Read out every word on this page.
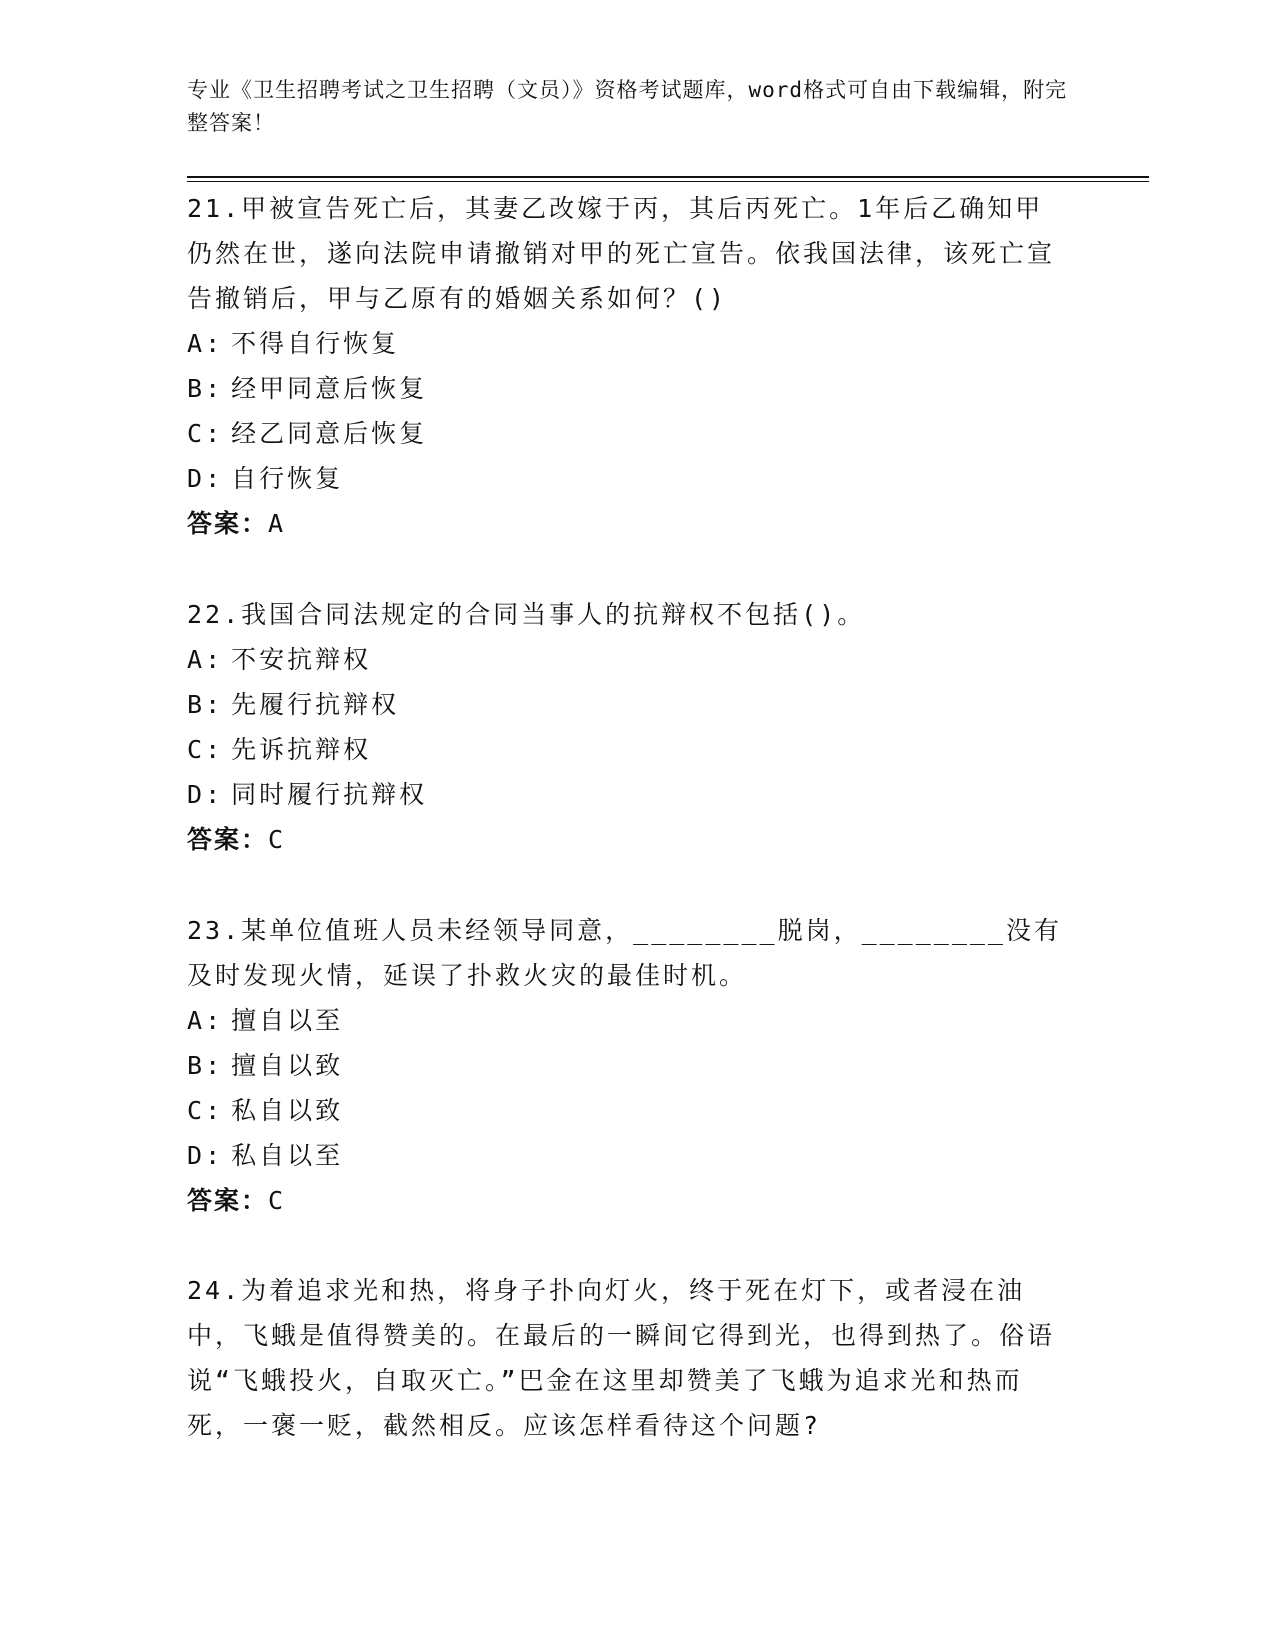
专业《卫生招聘考试之卫生招聘（文员）》资格考试题库，word格式可自由下载编辑，附完整答案！

21.甲被宣告死亡后，其妻乙改嫁于丙，其后丙死亡。1年后乙确知甲仍然在世，遂向法院申请撤销对甲的死亡宣告。依我国法律，该死亡宣告撤销后，甲与乙原有的婚姻关系如何？()

A: 不得自行恢复

B: 经甲同意后恢复

C: 经乙同意后恢复

D: 自行恢复

答案：A

22.我国合同法规定的合同当事人的抗辩权不包括()。

A: 不安抗辩权

B: 先履行抗辩权

C: 先诉抗辩权

D: 同时履行抗辩权

答案：C

23.某单位值班人员未经领导同意，________脱岗，________没有及时发现火情，延误了扑救火灾的最佳时机。

A: 擅自以至

B: 擅自以致

C: 私自以致

D: 私自以至

答案：C

24.为着追求光和热，将身子扑向灯火，终于死在灯下，或者浸在油中，飞蛾是值得赞美的。在最后的一瞬间它得到光，也得到热了。俗语说“飞蛾投火，自取灭亡。”巴金在这里却赞美了飞蛾为追求光和热而死，一褒一贬，截然相反。应该怎样看待这个问题?
